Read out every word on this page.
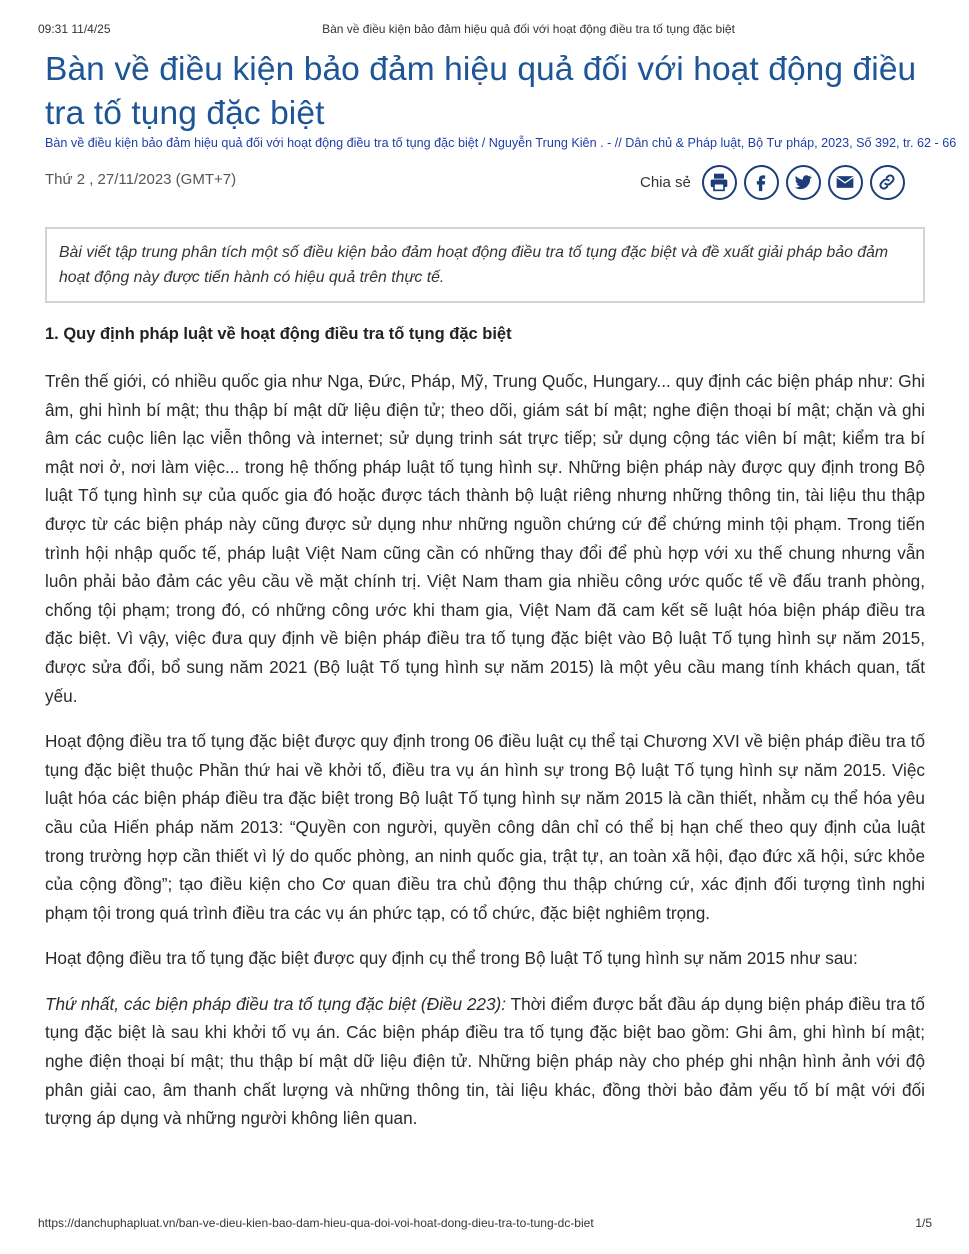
09:31 11/4/25	Bàn về điều kiện bảo đảm hiệu quả đối với hoạt động điều tra tố tụng đặc biệt
Bàn về điều kiện bảo đảm hiệu quả đối với hoạt động điều tra tố tụng đặc biệt
Bàn về điều kiện bảo đảm hiệu quả đối với hoạt động điều tra tố tụng đặc biệt / Nguyễn Trung Kiên . - // Dân chủ & Pháp luật, Bộ Tư pháp, 2023, Số 392, tr. 62 - 66
Thứ 2 , 27/11/2023 (GMT+7)	Chia sẻ
Bài viết tập trung phân tích một số điều kiện bảo đảm hoạt động điều tra tố tụng đặc biệt và đề xuất giải pháp bảo đảm hoạt động này được tiến hành có hiệu quả trên thực tế.
1. Quy định pháp luật về hoạt động điều tra tố tụng đặc biệt

Trên thế giới, có nhiều quốc gia như Nga, Đức, Pháp, Mỹ, Trung Quốc, Hungary... quy định các biện pháp như: Ghi âm, ghi hình bí mật; thu thập bí mật dữ liệu điện tử; theo dõi, giám sát bí mật; nghe điện thoại bí mật; chặn và ghi âm các cuộc liên lạc viễn thông và internet; sử dụng trinh sát trực tiếp; sử dụng cộng tác viên bí mật; kiểm tra bí mật nơi ở, nơi làm việc... trong hệ thống pháp luật tố tụng hình sự. Những biện pháp này được quy định trong Bộ luật Tố tụng hình sự của quốc gia đó hoặc được tách thành bộ luật riêng nhưng những thông tin, tài liệu thu thập được từ các biện pháp này cũng được sử dụng như những nguồn chứng cứ để chứng minh tội phạm. Trong tiến trình hội nhập quốc tế, pháp luật Việt Nam cũng cần có những thay đổi để phù hợp với xu thế chung nhưng vẫn luôn phải bảo đảm các yêu cầu về mặt chính trị. Việt Nam tham gia nhiều công ước quốc tế về đấu tranh phòng, chống tội phạm; trong đó, có những công ước khi tham gia, Việt Nam đã cam kết sẽ luật hóa biện pháp điều tra đặc biệt. Vì vậy, việc đưa quy định về biện pháp điều tra tố tụng đặc biệt vào Bộ luật Tố tụng hình sự năm 2015, được sửa đổi, bổ sung năm 2021 (Bộ luật Tố tụng hình sự năm 2015) là một yêu cầu mang tính khách quan, tất yếu.

Hoạt động điều tra tố tụng đặc biệt được quy định trong 06 điều luật cụ thể tại Chương XVI về biện pháp điều tra tố tụng đặc biệt thuộc Phần thứ hai về khởi tố, điều tra vụ án hình sự trong Bộ luật Tố tụng hình sự năm 2015. Việc luật hóa các biện pháp điều tra đặc biệt trong Bộ luật Tố tụng hình sự năm 2015 là cần thiết, nhằm cụ thể hóa yêu cầu của Hiến pháp năm 2013: “Quyền con người, quyền công dân chỉ có thể bị hạn chế theo quy định của luật trong trường hợp cần thiết vì lý do quốc phòng, an ninh quốc gia, trật tự, an toàn xã hội, đạo đức xã hội, sức khỏe của cộng đồng”; tạo điều kiện cho Cơ quan điều tra chủ động thu thập chứng cứ, xác định đối tượng tình nghi phạm tội trong quá trình điều tra các vụ án phức tạp, có tổ chức, đặc biệt nghiêm trọng.

Hoạt động điều tra tố tụng đặc biệt được quy định cụ thể trong Bộ luật Tố tụng hình sự năm 2015 như sau:

Thứ nhất, các biện pháp điều tra tố tụng đặc biệt (Điều 223): Thời điểm được bắt đầu áp dụng biện pháp điều tra tố tụng đặc biệt là sau khi khởi tố vụ án. Các biện pháp điều tra tố tụng đặc biệt bao gồm: Ghi âm, ghi hình bí mật; nghe điện thoại bí mật; thu thập bí mật dữ liệu điện tử. Những biện pháp này cho phép ghi nhận hình ảnh với độ phân giải cao, âm thanh chất lượng và những thông tin, tài liệu khác, đồng thời bảo đảm yếu tố bí mật với đối tượng áp dụng và những người không liên quan.

https://danchuphapluat.vn/ban-ve-dieu-kien-bao-dam-hieu-qua-doi-voi-hoat-dong-dieu-tra-to-tung-dc-biet	1/5
